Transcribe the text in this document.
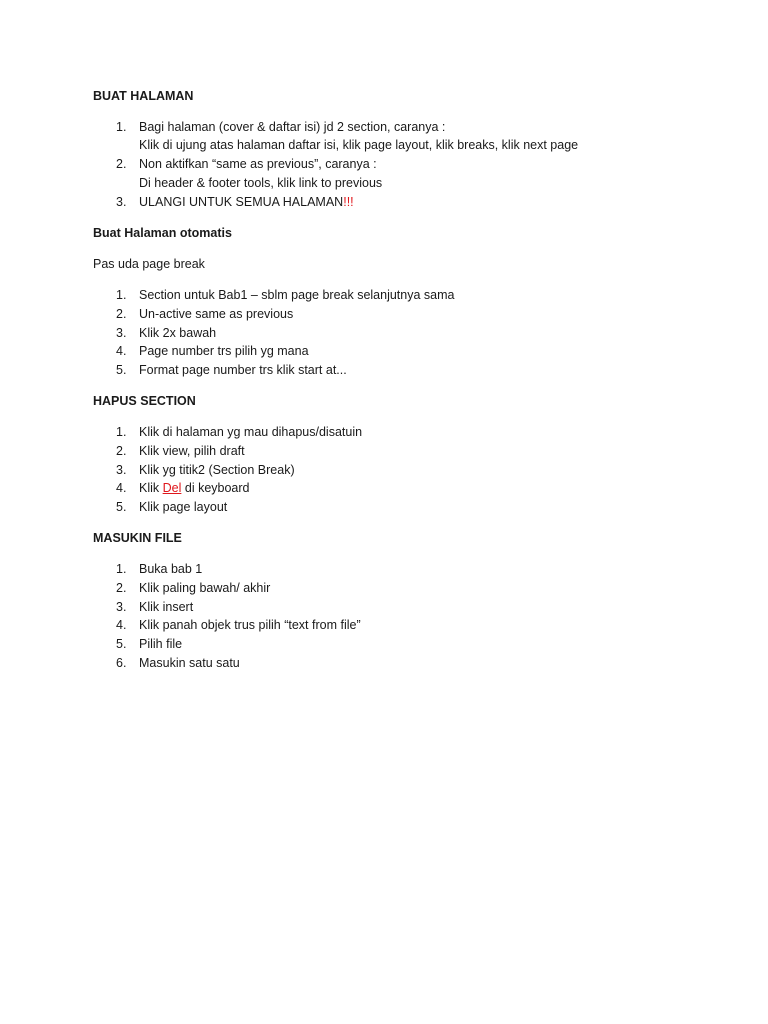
BUAT HALAMAN
1. Bagi halaman (cover & daftar isi) jd 2 section, caranya :
Klik di ujung atas halaman daftar isi, klik page layout, klik breaks, klik next page
2. Non aktifkan “same as previous”, caranya :
Di header & footer tools, klik link to previous
3. ULANGI UNTUK SEMUA HALAMAN!!!
Buat Halaman otomatis
Pas uda page break
1. Section untuk Bab1 – sblm page break selanjutnya sama
2. Un-active same as previous
3. Klik 2x bawah
4. Page number trs pilih yg mana
5. Format page number trs klik start at...
HAPUS SECTION
1. Klik di halaman yg mau dihapus/disatuin
2. Klik view, pilih draft
3. Klik yg titik2 (Section Break)
4. Klik Del di keyboard
5. Klik page layout
MASUKIN FILE
1. Buka bab 1
2. Klik paling bawah/ akhir
3. Klik insert
4. Klik panah objek trus pilih “text from file”
5. Pilih file
6. Masukin satu satu
